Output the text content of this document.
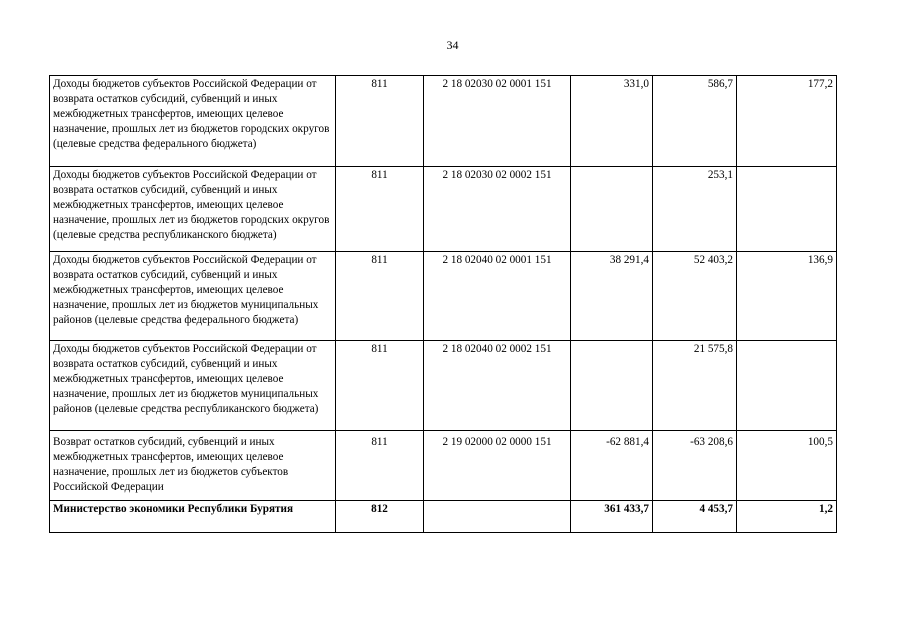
34
Доходы бюджетов субъектов Российской Федерации от возврата остатков субсидий, субвенций и иных межбюджетных трансфертов, имеющих целевое назначение, прошлых лет из бюджетов городских округов (целевые средства федерального бюджета)	811	2 18 02030 02 0001 151	331,0	586,7	177,2
Доходы бюджетов субъектов Российской Федерации от возврата остатков субсидий, субвенций и иных межбюджетных трансфертов, имеющих целевое назначение, прошлых лет из бюджетов городских округов (целевые средства республиканского бюджета)	811	2 18 02030 02 0002 151		253,1	
Доходы бюджетов субъектов Российской Федерации от возврата остатков субсидий, субвенций и иных межбюджетных трансфертов, имеющих целевое назначение, прошлых лет из бюджетов муниципальных районов (целевые средства федерального бюджета)	811	2 18 02040 02 0001 151	38 291,4	52 403,2	136,9
Доходы бюджетов субъектов Российской Федерации от возврата остатков субсидий, субвенций и иных межбюджетных трансфертов, имеющих целевое назначение, прошлых лет из бюджетов муниципальных районов (целевые средства республиканского бюджета)	811	2 18 02040 02 0002 151		21 575,8	
Возврат остатков субсидий, субвенций и иных межбюджетных трансфертов, имеющих целевое назначение, прошлых лет из бюджетов субъектов Российской Федерации	811	2 19 02000 02 0000 151	-62 881,4	-63 208,6	100,5
Министерство экономики Республики Бурятия	812		361 433,7	4 453,7	1,2
